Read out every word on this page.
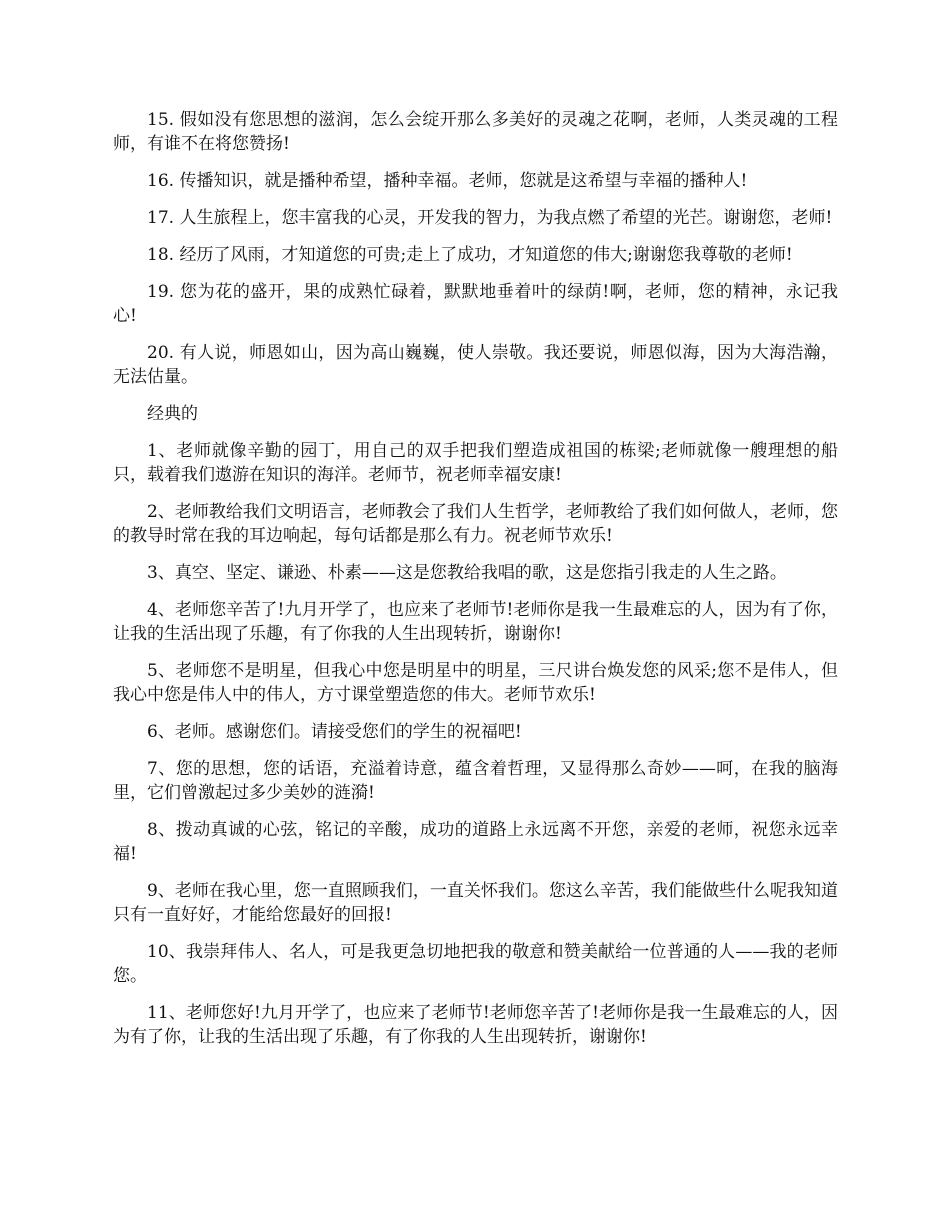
15. 假如没有您思想的滋润，怎么会绽开那么多美好的灵魂之花啊，老师，人类灵魂的工程师，有谁不在将您赞扬!

16. 传播知识，就是播种希望，播种幸福。老师，您就是这希望与幸福的播种人!

17. 人生旅程上，您丰富我的心灵，开发我的智力，为我点燃了希望的光芒。谢谢您，老师!

18. 经历了风雨，才知道您的可贵;走上了成功，才知道您的伟大;谢谢您我尊敬的老师!

19. 您为花的盛开，果的成熟忙碌着，默默地垂着叶的绿荫!啊，老师，您的精神，永记我心!

20. 有人说，师恩如山，因为高山巍巍，使人崇敬。我还要说，师恩似海，因为大海浩瀚，无法估量。

经典的

1、老师就像辛勤的园丁，用自己的双手把我们塑造成祖国的栋梁;老师就像一艘理想的船只，载着我们遨游在知识的海洋。老师节，祝老师幸福安康!

2、老师教给我们文明语言，老师教会了我们人生哲学，老师教给了我们如何做人，老师，您的教导时常在我的耳边响起，每句话都是那么有力。祝老师节欢乐!

3、真空、坚定、谦逊、朴素——这是您教给我唱的歌，这是您指引我走的人生之路。

4、老师您辛苦了!九月开学了，也应来了老师节!老师你是我一生最难忘的人，因为有了你，让我的生活出现了乐趣，有了你我的人生出现转折，谢谢你!

5、老师您不是明星，但我心中您是明星中的明星，三尺讲台焕发您的风采;您不是伟人，但我心中您是伟人中的伟人，方寸课堂塑造您的伟大。老师节欢乐!

6、老师。感谢您们。请接受您们的学生的祝福吧!

7、您的思想，您的话语，充溢着诗意，蕴含着哲理，又显得那么奇妙——呵，在我的脑海里，它们曾激起过多少美妙的涟漪!

8、拨动真诚的心弦，铭记的辛酸，成功的道路上永远离不开您，亲爱的老师，祝您永远幸福!

9、老师在我心里，您一直照顾我们，一直关怀我们。您这么辛苦，我们能做些什么呢我知道只有一直好好，才能给您最好的回报!

10、我崇拜伟人、名人，可是我更急切地把我的敬意和赞美献给一位普通的人——我的老师您。

11、老师您好!九月开学了，也应来了老师节!老师您辛苦了!老师你是我一生最难忘的人，因为有了你，让我的生活出现了乐趣，有了你我的人生出现转折，谢谢你!
